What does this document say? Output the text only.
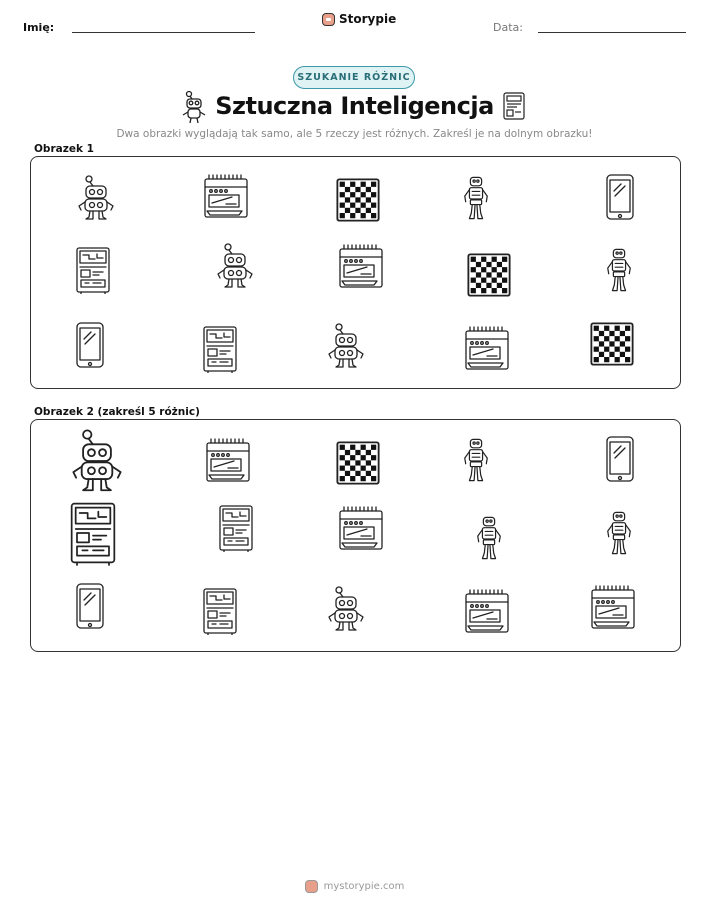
Imię:
Storypie
Data:
SZUKANIE RÓŻNIC
Sztuczna Inteligencja
Dwa obrazki wyglądają tak samo, ale 5 rzeczy jest różnych. Zakreśl je na dolnym obrazku!
Obrazek 1
Obrazek 2 (zakreśl 5 różnic)
mystorypie.com
